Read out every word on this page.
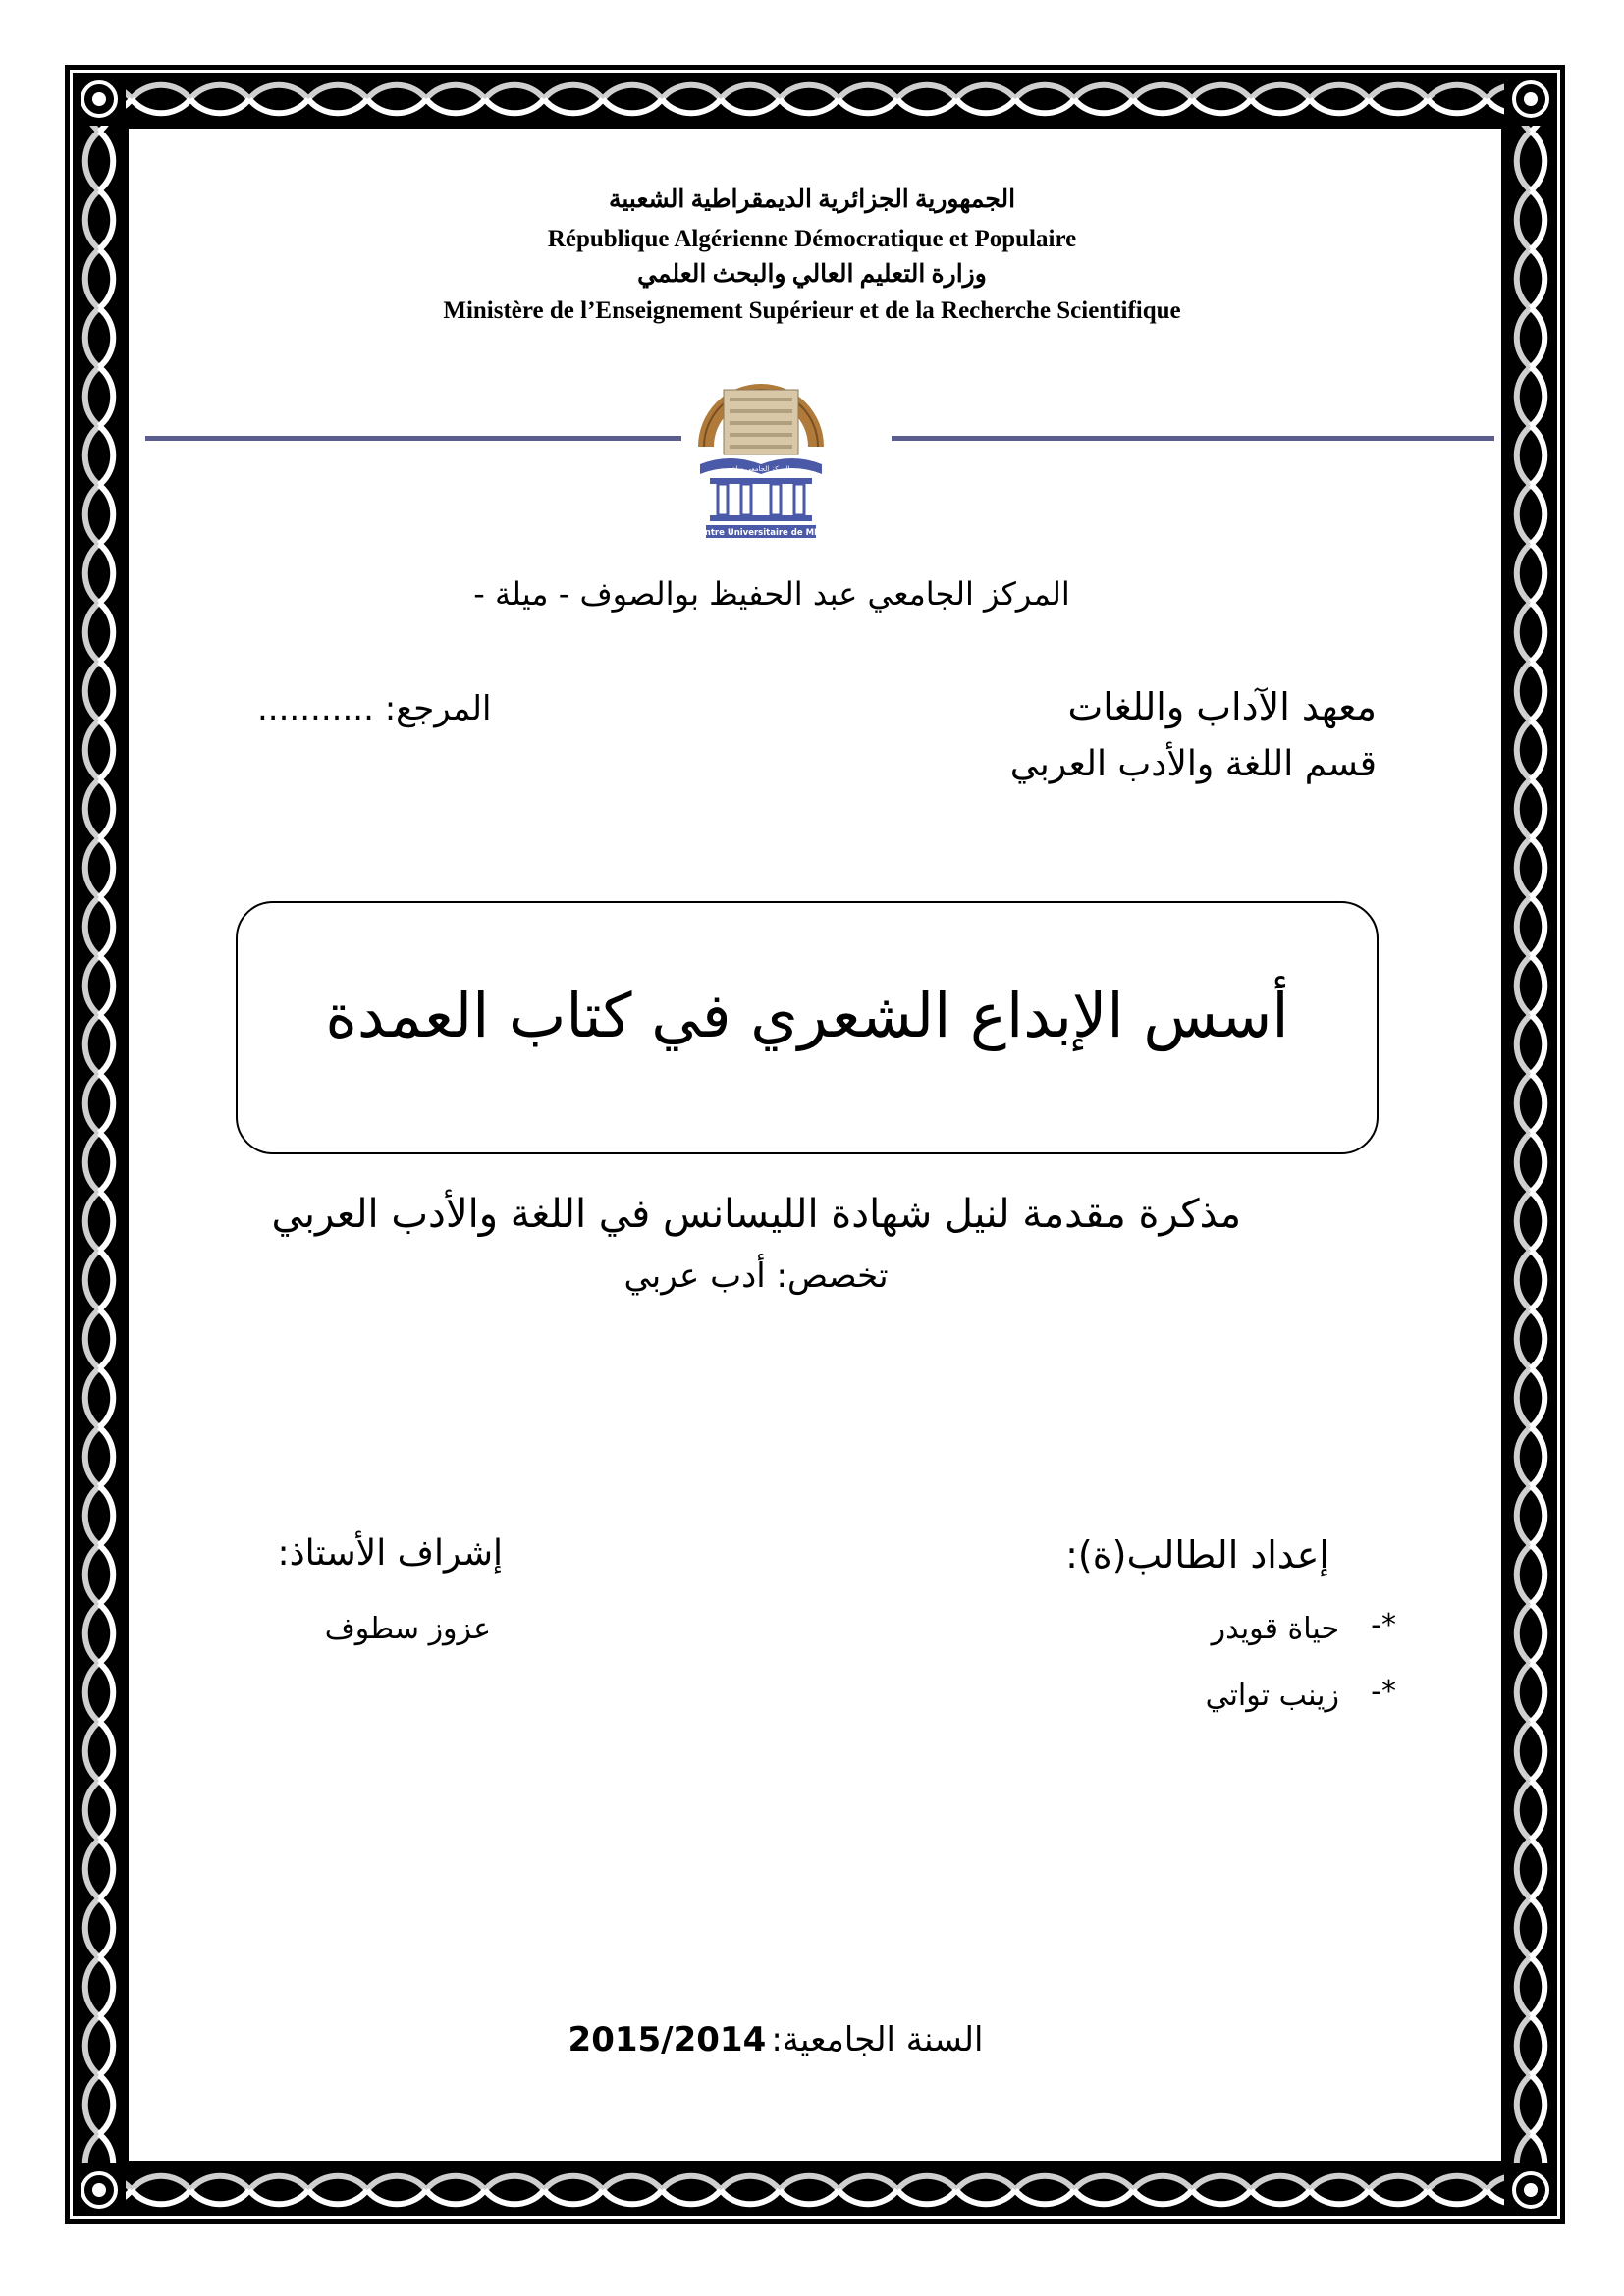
الجمهورية الجزائرية الديمقراطية الشعبية
République Algérienne Démocratique et Populaire
وزارة التعليم العالي والبحث العلمي
Ministère de l’Enseignement Supérieur et de la Recherche Scientifique
المركز الجامعي ميلة
Centre Universitaire de MILA
المركز الجامعي عبد الحفيظ بوالصوف - ميلة -
معهد الآداب واللغات
المرجع: ...........
قسم اللغة والأدب العربي
أسس الإبداع الشعري في كتاب العمدة
مذكرة مقدمة لنيل شهادة الليسانس في اللغة والأدب العربي
تخصص: أدب عربي
إعداد الطالب(ة):
*-
حياة قويدر
*-
زينب تواتي
إشراف الأستاذ:
عزوز سطوف
السنة الجامعية: 2015/2014
